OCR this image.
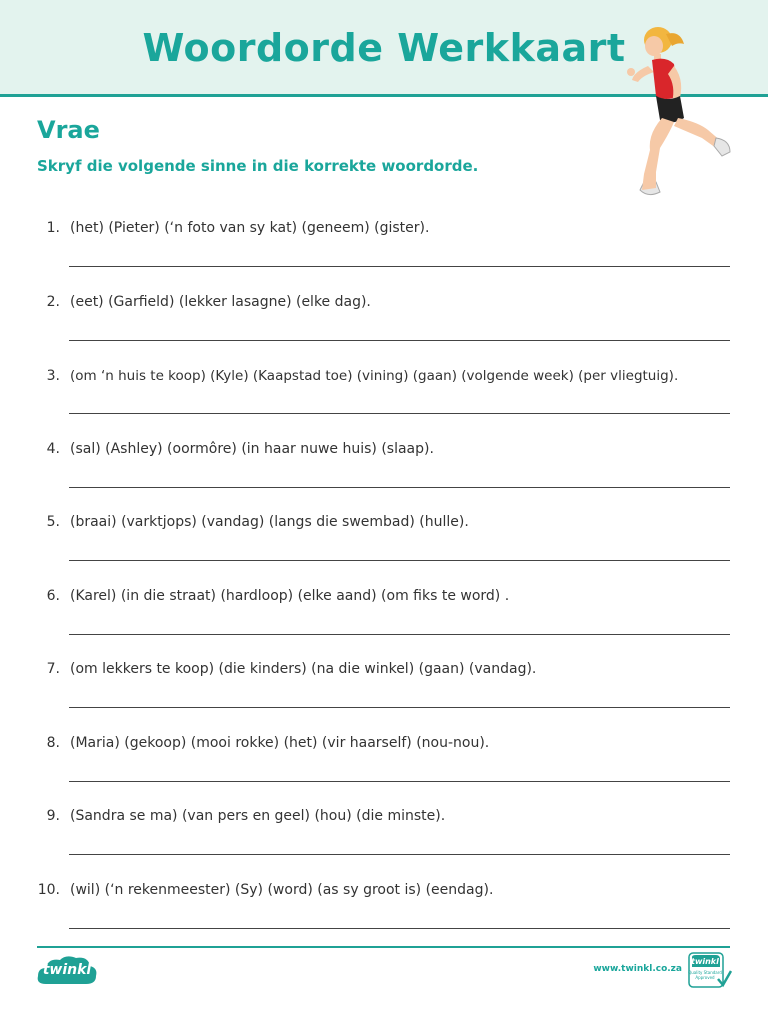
Woordorde Werkkaart
Vrae
Skryf die volgende sinne in die korrekte woordorde.
1. (het) (Pieter) (‘n foto van sy kat) (geneem) (gister).
2. (eet) (Garfield) (lekker lasagne) (elke dag).
3. (om ‘n huis te koop) (Kyle) (Kaapstad toe) (vining) (gaan) (volgende week) (per vliegtuig).
4. (sal) (Ashley) (oormôre) (in haar nuwe huis) (slaap).
5. (braai) (varktjops) (vandag) (langs die swembad) (hulle).
6. (Karel) (in die straat) (hardloop) (elke aand) (om fiks te word) .
7. (om lekkers te koop) (die kinders) (na die winkel) (gaan) (vandag).
8. (Maria) (gekoop) (mooi rokke) (het) (vir haarself) (nou-nou).
9. (Sandra se ma) (van pers en geel) (hou) (die minste).
10. (wil) (‘n rekenmeester) (Sy) (word) (as sy groot is) (eendag).
twinkl	www.twinkl.co.za
twinkl
Quality Standard Approved
